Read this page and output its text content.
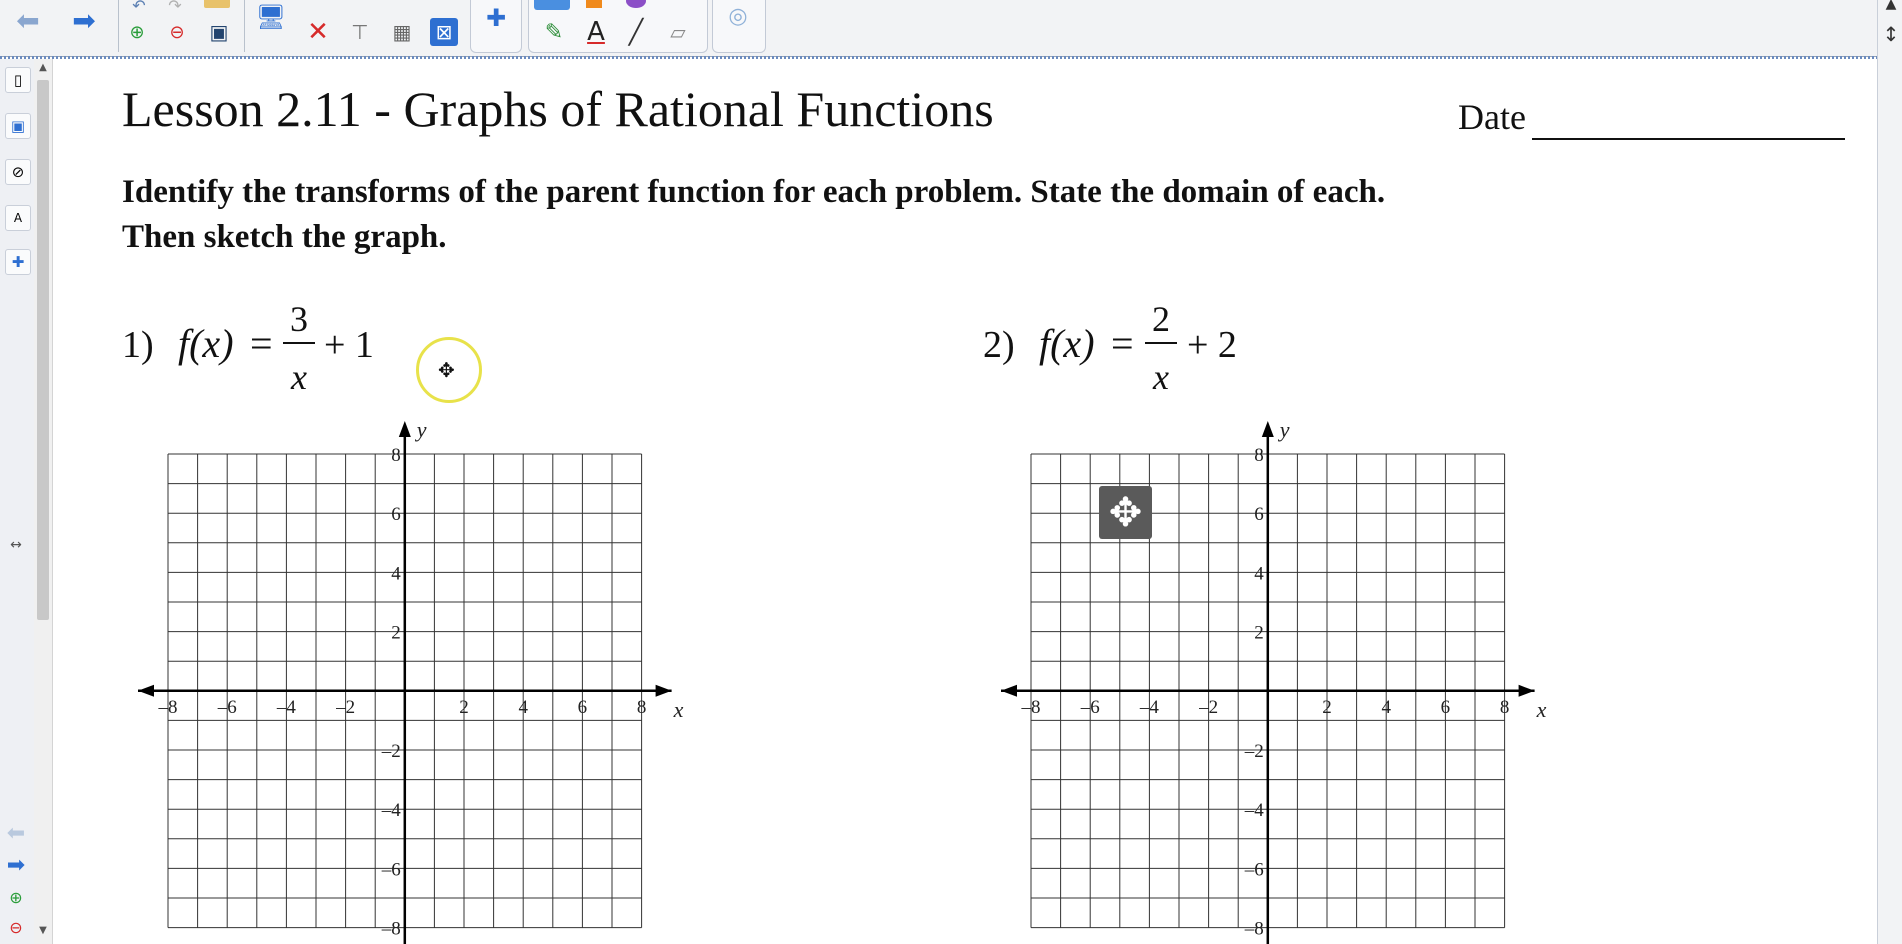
⬅ ➡	↶	↷
⊕	⊖ ▣
🖥 ✕ ⊤ ▦ ⊠ ✚ ✎ A ╱	▱
◎	▲
↕
▯
▣
⊘
A
✚
↔
⬅
➡
⊕
⊖
▲
▼
Lesson 2.11 - Graphs of Rational Functions	Date
Identify the transforms of the parent function for each problem. State the domain of each.
Then sketch the graph.
1) f(x) =
3
x
+ 1	2) f(x) =
2
x
+ 2
–8 –6 –4 –2	2	4	6	8
8
6
4
2
–2
–4
–6
–8
x
y
–8 –6 –4 –2	2	4	6	8
8
6
4
2
–2
–4
–6
–8
x
y
✥
✥
